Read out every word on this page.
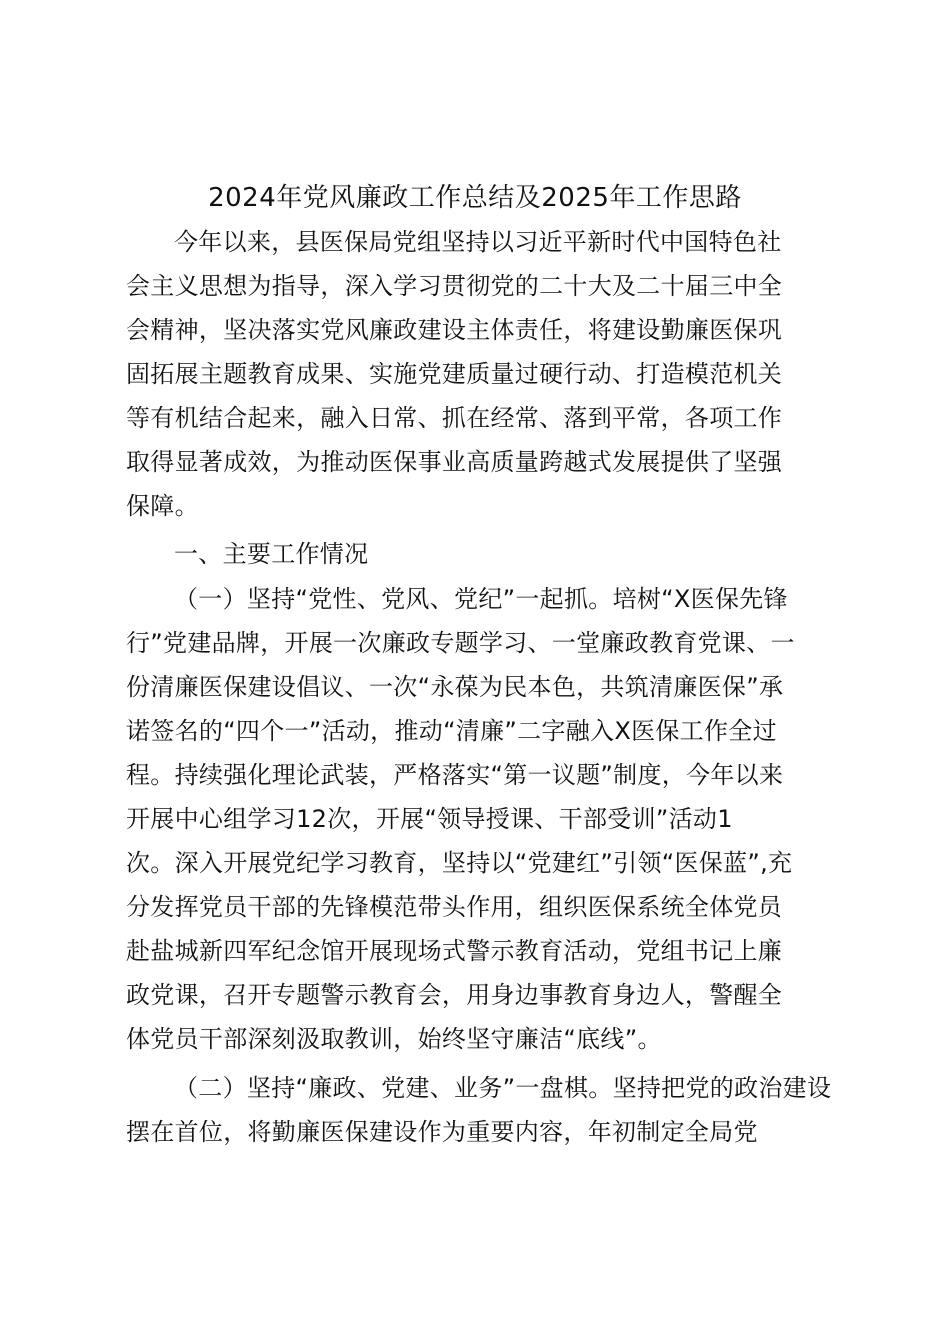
2024年党风廉政工作总结及2025年工作思路
今年以来，县医保局党组坚持以习近平新时代中国特色社
会主义思想为指导，深入学习贯彻党的二十大及二十届三中全
会精神，坚决落实党风廉政建设主体责任，将建设勤廉医保巩
固拓展主题教育成果、实施党建质量过硬行动、打造模范机关
等有机结合起来，融入日常、抓在经常、落到平常，各项工作
取得显著成效，为推动医保事业高质量跨越式发展提供了坚强
保障。
一、主要工作情况
（一）坚持“党性、党风、党纪”一起抓。培树“X医保先锋
行”党建品牌，开展一次廉政专题学习、一堂廉政教育党课、一
份清廉医保建设倡议、一次“永葆为民本色，共筑清廉医保”承
诺签名的“四个一”活动，推动“清廉”二字融入X医保工作全过
程。持续强化理论武装，严格落实“第一议题”制度，今年以来
开展中心组学习12次，开展“领导授课、干部受训”活动1
次。深入开展党纪学习教育，坚持以“党建红”引领“医保蓝”,充
分发挥党员干部的先锋模范带头作用，组织医保系统全体党员
赴盐城新四军纪念馆开展现场式警示教育活动，党组书记上廉
政党课，召开专题警示教育会，用身边事教育身边人，警醒全
体党员干部深刻汲取教训，始终坚守廉洁“底线”。
（二）坚持“廉政、党建、业务”一盘棋。坚持把党的政治建设
摆在首位，将勤廉医保建设作为重要内容，年初制定全局党
